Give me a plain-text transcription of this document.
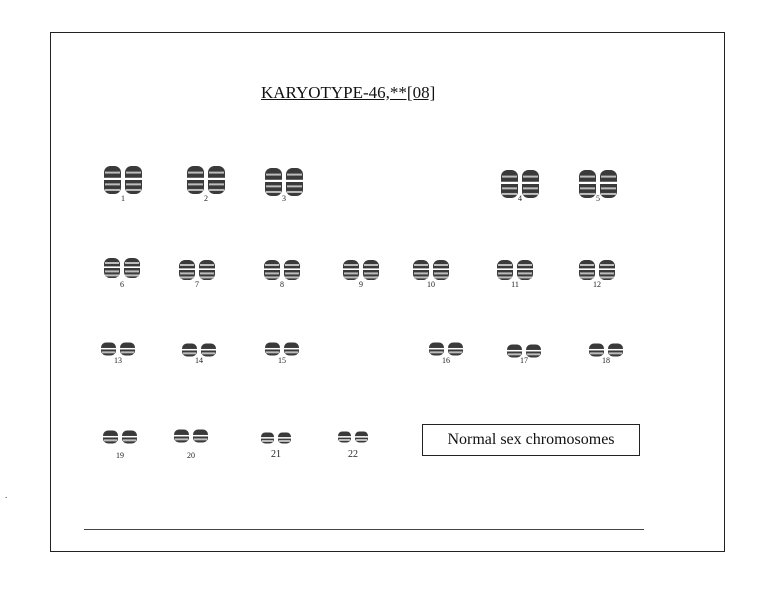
KARYOTYPE-46,**[08]
1	2	3	4	5
6	7	8	9	10	11	12
13	14	15	16	17	18
19	20	21	22
Normal sex chromosomes
.
